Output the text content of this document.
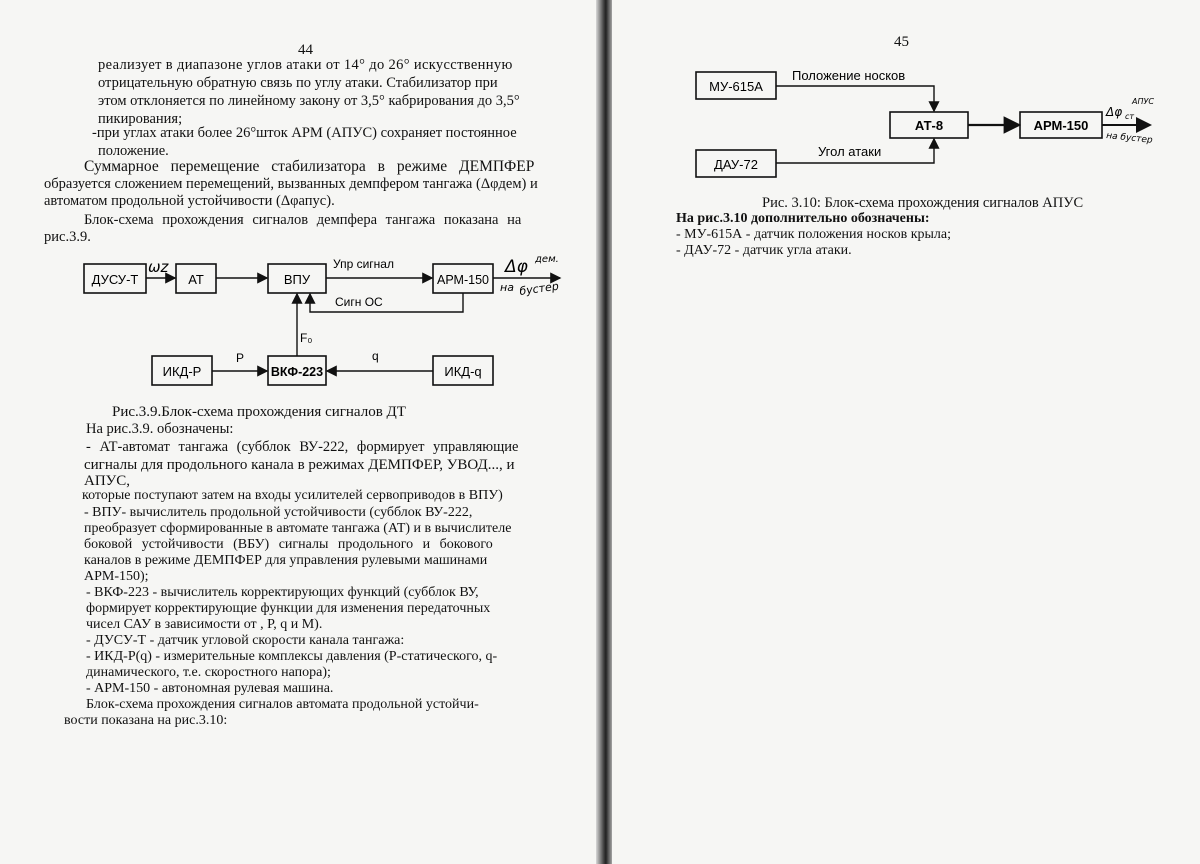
44
реализует в диапазоне углов атаки от 14° до 26° искусственную
отрицательную обратную связь по углу атаки. Стабилизатор при
этом отклоняется по линейному закону от 3,5° кабрирования до 3,5°
пикирования;
-при углах атаки более 26°шток АРМ (АПУС) сохраняет постоянное
положение.
Суммарное перемещение стабилизатора в режиме ДЕМПФЕР
образуется сложением перемещений, вызванных демпфером тангажа (Δφдем) и
автоматом продольной устойчивости (Δφапус).
Блок-схема прохождения сигналов демпфера тангажа показана на
рис.3.9.
ДУСУ-Т	АТ	ВПУ	АРМ-150
ВКФ-223
ИКД-Р	ИКД-q
ωz	Упр сигнал
Сигн ОС
F₀
P	q
Δφ дем.
на бустер
Рис.3.9.Блок-схема прохождения сигналов ДТ
На рис.3.9. обозначены:
- АТ-автомат тангажа (субблок ВУ-222, формирует управляющие
сигналы для продольного канала в режимах ДЕМПФЕР, УВОД..., и
АПУС,
которые поступают затем на входы усилителей сервоприводов в ВПУ)
- ВПУ- вычислитель продольной устойчивости (субблок ВУ-222,
преобразует сформированные в автомате тангажа (АТ) и в вычислителе
боковой устойчивости (ВБУ) сигналы продольного и бокового
каналов в режиме ДЕМПФЕР для управления рулевыми машинами
АРМ-150);
- ВКФ-223 - вычислитель корректирующих функций (субблок ВУ,
формирует корректирующие функции для изменения передаточных
чисел САУ в зависимости от , Р, q и М).
- ДУСУ-Т - датчик угловой скорости канала тангажа:
- ИКД-Р(q) - измерительные комплексы давления (Р-статического, q-
динамического, т.е. скоростного напора);
- АРМ-150 - автономная рулевая машина.
Блок-схема прохождения сигналов автомата продольной устойчи-
вости показана на рис.3.10:
45
МУ-615А
ДАУ-72
АТ-8	АРМ-150
Положение носков
Угол атаки
Δφ
АПУС
ст
на бустер
Рис. 3.10: Блок-схема прохождения сигналов АПУС
На рис.3.10 дополнительно обозначены:
- МУ-615А - датчик положения носков крыла;
- ДАУ-72 - датчик угла атаки.
